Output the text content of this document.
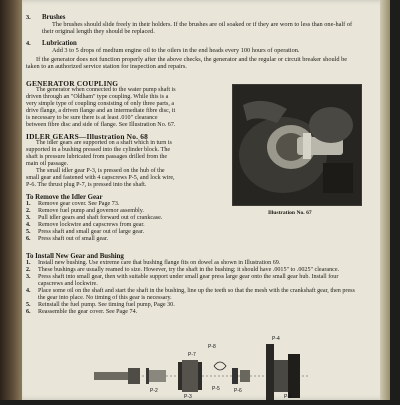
3. Brushes

The brushes should slide freely in their holders. If the brushes are oil soaked or if they are worn to less than one-half of their original length they should be replaced.

4. Lubrication

Add 3 to 5 drops of medium engine oil to the oilers in the end heads every 100 hours of operation.

If the generator does not function properly after the above checks, the generator and the regular or circuit breaker should be taken to an authorized service station for inspection and repairs.

GENERATOR COUPLING

The generator when connected to the water pump shaft is driven through an "Oldham" type coupling. While this is a very simple type of coupling consisting of only three parts, a drive flange, a driven flange and an intermediate fibre disc, it is necessary to be sure there is at least .010" clearance between fibre disc and side of flange. See Illustration No. 67.

IDLER GEARS—Illustration No. 68

The idler gears are supported on a shaft which in turn is supported in a bushing pressed into the cylinder block. The shaft is pressure lubricated from passages drilled from the main oil passage.

The small idler gear P-3, is pressed on the hub of the small gear and fastened with 4 capscrews P-5, and lock wire, P-6. The thrust plug P-7, is pressed into the shaft.

To Remove the Idler Gear
1. Remove gear cover. See Page 73.
2. Remove fuel pump and governor assembly.
3. Pull idler gears and shaft forward out of crankcase.
4. Remove lockwire and capscrews from gear.
5. Press shaft and small gear out of large gear.
6. Press shaft out of small gear.
Illustration No. 67
To Install New Gear and Bushing
1. Install new bushing. Use extreme care that bushing flange fits on dowel as shown in Illustration 69.
2. These bushings are usually reamed to size. However, try the shaft in the bushing; it should have .0015" to .0025" clearance.
3. Press shaft into small gear, then with suitable support under small gear press large gear onto the small gear hub. Install four capscrews and lockwire.
4. Place some oil on the shaft and start the shaft in the bushing, line up the teeth so that the mesh with the crankshaft gear, then press the gear into place. No timing of this gear is necessary.
5. Reinstall the fuel pump. See timing fuel pump, Page 30.
6. Reassemble the gear cover. See Page 74.
P-7
P-8
P-4
P-2
P-3
P-5	P-6
P-1
